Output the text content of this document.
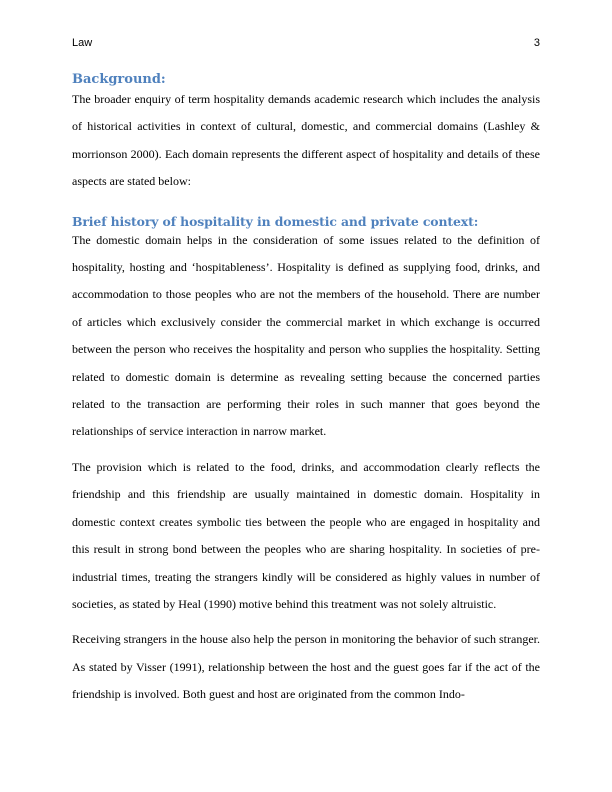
Law	3
Background:

The broader enquiry of term hospitality demands academic research which includes the analysis of historical activities in context of cultural, domestic, and commercial domains (Lashley & morrionson 2000). Each domain represents the different aspect of hospitality and details of these aspects are stated below:

Brief history of hospitality in domestic and private context:

The domestic domain helps in the consideration of some issues related to the definition of hospitality, hosting and ‘hospitableness’. Hospitality is defined as supplying food, drinks, and accommodation to those peoples who are not the members of the household. There are number of articles which exclusively consider the commercial market in which exchange is occurred between the person who receives the hospitality and person who supplies the hospitality. Setting related to domestic domain is determine as revealing setting because the concerned parties related to the transaction are performing their roles in such manner that goes beyond the relationships of service interaction in narrow market.

The provision which is related to the food, drinks, and accommodation clearly reflects the friendship and this friendship are usually maintained in domestic domain. Hospitality in domestic context creates symbolic ties between the people who are engaged in hospitality and this result in strong bond between the peoples who are sharing hospitality. In societies of pre-industrial times, treating the strangers kindly will be considered as highly values in number of societies, as stated by Heal (1990) motive behind this treatment was not solely altruistic.

Receiving strangers in the house also help the person in monitoring the behavior of such stranger. As stated by Visser (1991), relationship between the host and the guest goes far if the act of the friendship is involved. Both guest and host are originated from the common Indo-
